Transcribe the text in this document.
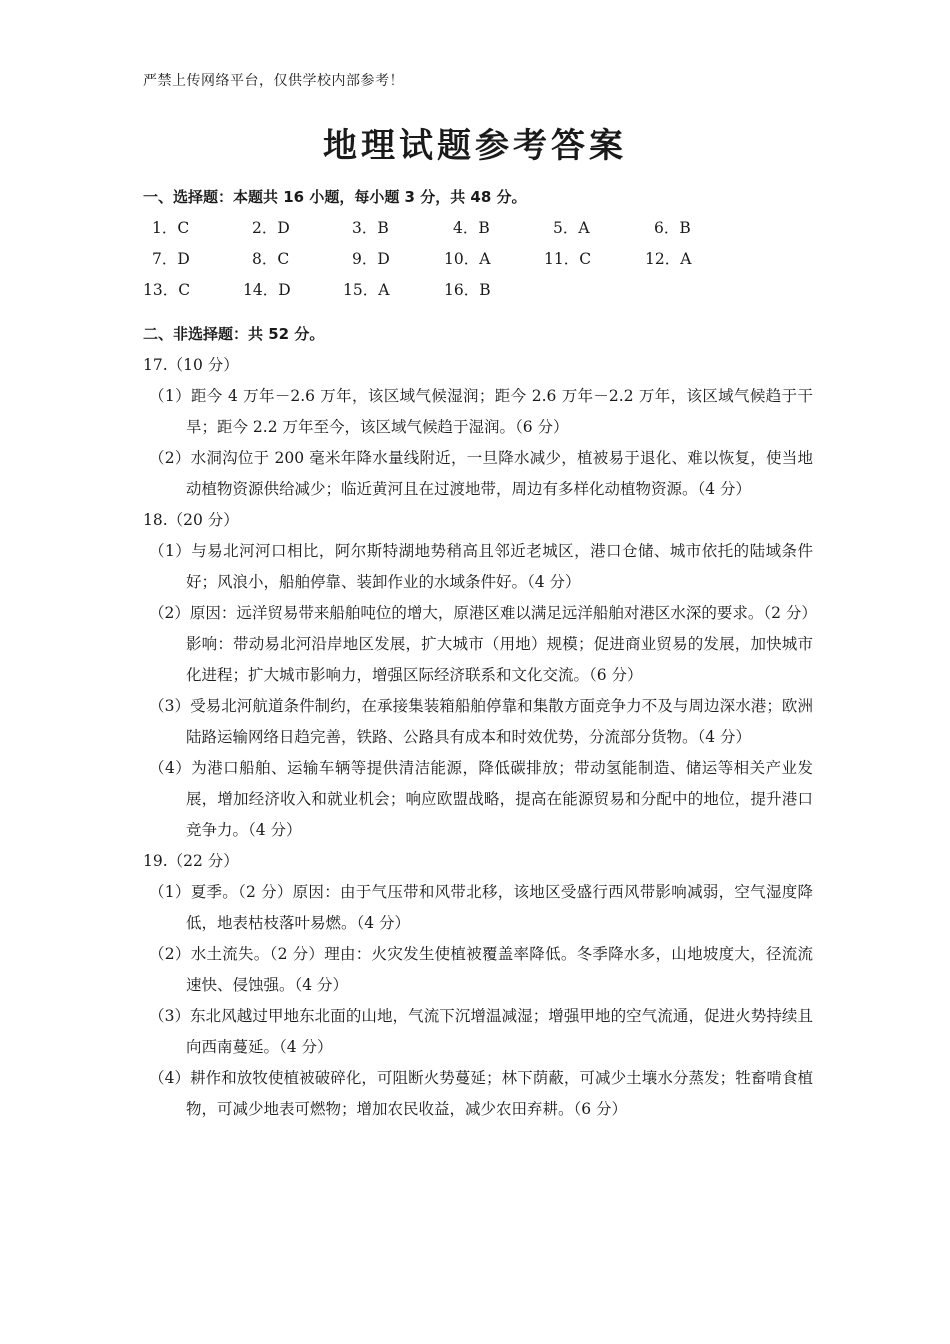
严禁上传网络平台，仅供学校内部参考！
地理试题参考答案
一、选择题：本题共 16 小题，每小题 3 分，共 48 分。
1．C	2．D	3．B	4．B	5．A	6．B
7．D	8．C	9．D	10．A	11．C	12．A
13．C	14．D	15．A	16．B
二、非选择题：共 52 分。
17.（10 分）
（1）距今 4 万年－2.6 万年，该区域气候湿润；距今 2.6 万年－2.2 万年，该区域气候趋于干旱；距今 2.2 万年至今，该区域气候趋于湿润。（6 分）
（2）水洞沟位于 200 毫米年降水量线附近，一旦降水减少，植被易于退化、难以恢复，使当地动植物资源供给减少；临近黄河且在过渡地带，周边有多样化动植物资源。（4 分）
18.（20 分）
（1）与易北河河口相比，阿尔斯特湖地势稍高且邻近老城区，港口仓储、城市依托的陆域条件好；风浪小，船舶停靠、装卸作业的水域条件好。（4 分）
（2）原因：远洋贸易带来船舶吨位的增大，原港区难以满足远洋船舶对港区水深的要求。（2 分）
影响：带动易北河沿岸地区发展，扩大城市（用地）规模；促进商业贸易的发展，加快城市化进程；扩大城市影响力，增强区际经济联系和文化交流。（6 分）
（3）受易北河航道条件制约，在承接集装箱船舶停靠和集散方面竞争力不及与周边深水港；欧洲陆路运输网络日趋完善，铁路、公路具有成本和时效优势，分流部分货物。（4 分）
（4）为港口船舶、运输车辆等提供清洁能源，降低碳排放；带动氢能制造、储运等相关产业发展，增加经济收入和就业机会；响应欧盟战略，提高在能源贸易和分配中的地位，提升港口竞争力。（4 分）
19.（22 分）
（1）夏季。（2 分）原因：由于气压带和风带北移，该地区受盛行西风带影响减弱，空气湿度降低，地表枯枝落叶易燃。（4 分）
（2）水土流失。（2 分）理由：火灾发生使植被覆盖率降低。冬季降水多，山地坡度大，径流流速快、侵蚀强。（4 分）
（3）东北风越过甲地东北面的山地，气流下沉增温减湿；增强甲地的空气流通，促进火势持续且向西南蔓延。（4 分）
（4）耕作和放牧使植被破碎化，可阻断火势蔓延；林下荫蔽，可减少土壤水分蒸发；牲畜啃食植物，可减少地表可燃物；增加农民收益，减少农田弃耕。（6 分）
